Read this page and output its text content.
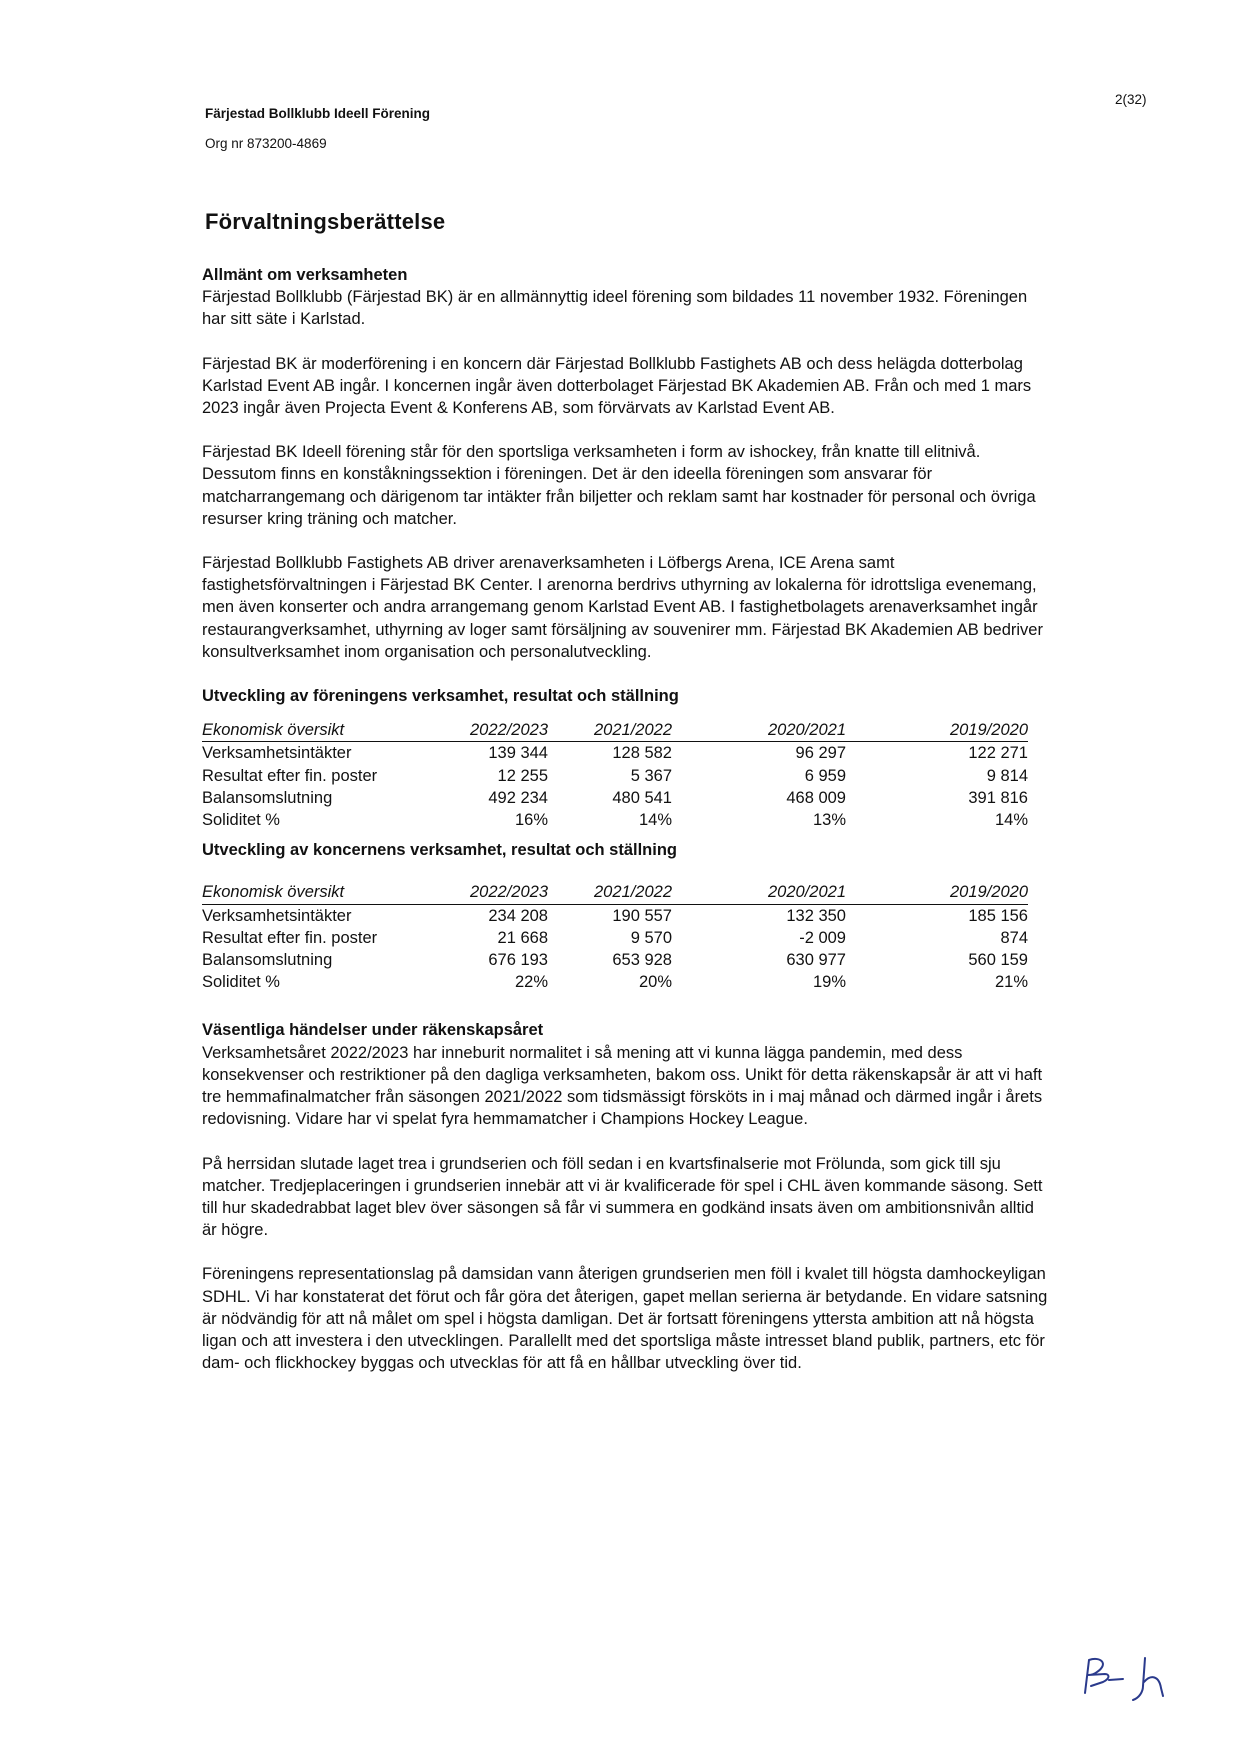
Färjestad Bollklubb Ideell Förening
Org nr 873200-4869
2(32)
Förvaltningsberättelse
Allmänt om verksamheten

Färjestad Bollklubb (Färjestad BK) är en allmännyttig ideel förening som bildades 11 november 1932. Föreningen har sitt säte i Karlstad.

Färjestad BK är moderförening i en koncern där Färjestad Bollklubb Fastighets AB och dess helägda dotterbolag Karlstad Event AB ingår. I koncernen ingår även dotterbolaget Färjestad BK Akademien AB. Från och med 1 mars 2023 ingår även Projecta Event & Konferens AB, som förvärvats av Karlstad Event AB.

Färjestad BK Ideell förening står för den sportsliga verksamheten i form av ishockey, från knatte till elitnivå. Dessutom finns en konståkningssektion i föreningen. Det är den ideella föreningen som ansvarar för matcharrangemang och därigenom tar intäkter från biljetter och reklam samt har kostnader för personal och övriga resurser kring träning och matcher.

Färjestad Bollklubb Fastighets AB driver arenaverksamheten i Löfbergs Arena, ICE Arena samt fastighetsförvaltningen i Färjestad BK Center. I arenorna berdrivs uthyrning av lokalerna för idrottsliga evenemang, men även konserter och andra arrangemang genom Karlstad Event AB. I fastighetbolagets arenaverksamhet ingår restaurangverksamhet, uthyrning av loger samt försäljning av souvenirer mm. Färjestad BK Akademien AB bedriver konsultverksamhet inom organisation och personalutveckling.

Utveckling av föreningens verksamhet, resultat och ställning
Ekonomisk översikt	2022/2023	2021/2022	2020/2021	2019/2020
Verksamhetsintäkter	139 344	128 582	96 297	122 271
Resultat efter fin. poster	12 255	5 367	6 959	9 814
Balansomslutning	492 234	480 541	468 009	391 816
Soliditet %	16%	14%	13%	14%
Utveckling av koncernens verksamhet, resultat och ställning
Ekonomisk översikt	2022/2023	2021/2022	2020/2021	2019/2020
Verksamhetsintäkter	234 208	190 557	132 350	185 156
Resultat efter fin. poster	21 668	9 570	-2 009	874
Balansomslutning	676 193	653 928	630 977	560 159
Soliditet %	22%	20%	19%	21%
Väsentliga händelser under räkenskapsåret

Verksamhetsåret 2022/2023 har inneburit normalitet i så mening att vi kunna lägga pandemin, med dess konsekvenser och restriktioner på den dagliga verksamheten, bakom oss. Unikt för detta räkenskapsår är att vi haft tre hemmafinalmatcher från säsongen 2021/2022 som tidsmässigt försköts in i maj månad och därmed ingår i årets redovisning. Vidare har vi spelat fyra hemmamatcher i Champions Hockey League.

På herrsidan slutade laget trea i grundserien och föll sedan i en kvartsfinalserie mot Frölunda, som gick till sju matcher. Tredjeplaceringen i grundserien innebär att vi är kvalificerade för spel i CHL även kommande säsong. Sett till hur skadedrabbat laget blev över säsongen så får vi summera en godkänd insats även om ambitionsnivån alltid är högre.

Föreningens representationslag på damsidan vann återigen grundserien men föll i kvalet till högsta damhockeyligan SDHL. Vi har konstaterat det förut och får göra det återigen, gapet mellan serierna är betydande. En vidare satsning är nödvändig för att nå målet om spel i högsta damligan. Det är fortsatt föreningens yttersta ambition att nå högsta ligan och att investera i den utvecklingen. Parallellt med det sportsliga måste intresset bland publik, partners, etc för dam- och flickhockey byggas och utvecklas för att få en hållbar utveckling över tid.
